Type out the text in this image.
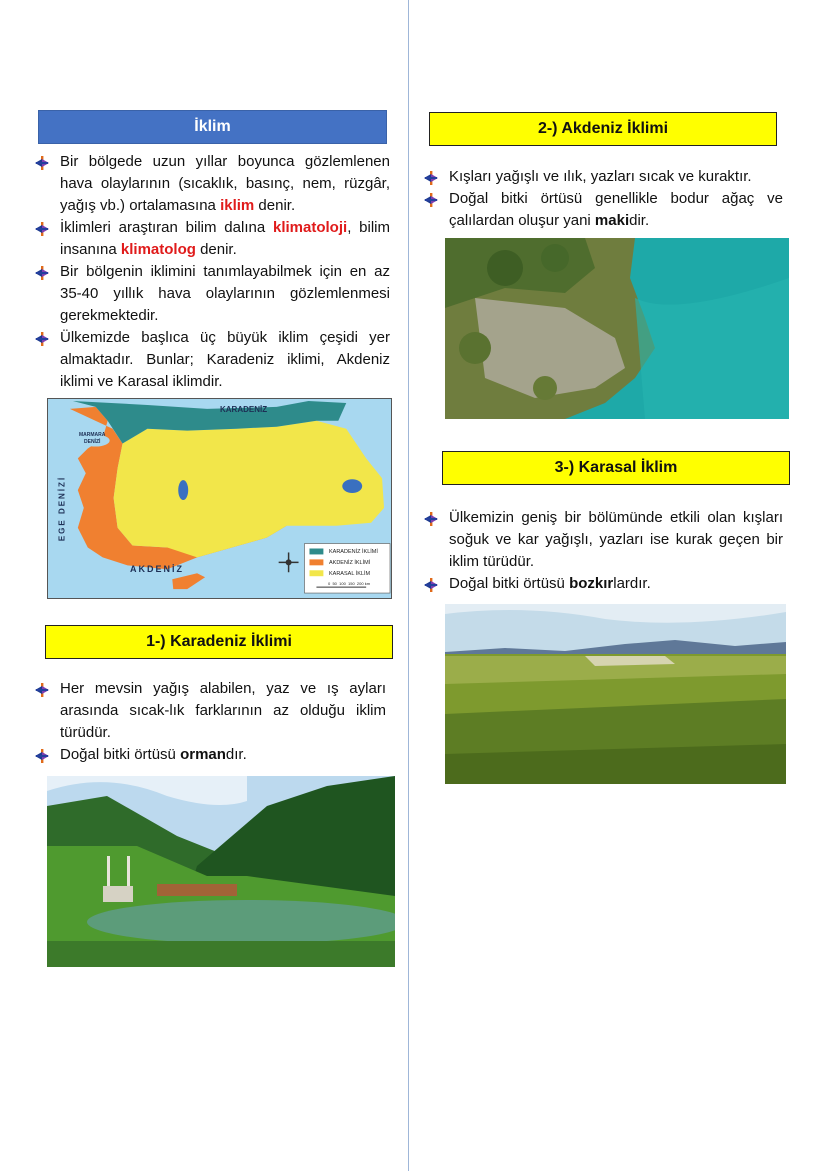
İklim
Bir bölgede uzun yıllar boyunca gözlemlenen hava olaylarının (sıcaklık, basınç, nem, rüzgâr, yağış vb.) ortalamasına iklim denir.
İklimleri araştıran bilim dalına klimatoloji, bilim insanına klimatolog denir.
Bir bölgenin iklimini tanımlayabilmek için en az 35-40 yıllık hava olaylarının gözlemlenmesi gerekmektedir.
Ülkemizde başlıca üç büyük iklim çeşidi yer almaktadır. Bunlar; Karadeniz iklimi, Akdeniz iklimi ve Karasal iklimdir.
KARADENİZ
MARMARA
DENİZİ
EGE DENİZİ
AKDENİZ
KARADENİZ İKLİMİ
AKDENİZ İKLİMİ
KARASAL İKLİM
0  50  100  150  200 km
1-) Karadeniz İklimi
Her mevsin yağış alabilen, yaz ve ış ayları arasında sıcak-lık farklarının az olduğu iklim türüdür.
Doğal bitki örtüsü ormandır.
2-) Akdeniz İklimi
Kışları yağışlı ve ılık, yazları sıcak ve kuraktır.
Doğal bitki örtüsü genellikle bodur ağaç ve çalılardan oluşur yani makidir.
3-) Karasal İklim
Ülkemizin geniş bir bölümünde etkili olan kışları soğuk ve kar yağışlı, yazları ise kurak geçen bir iklim türüdür.
Doğal bitki örtüsü bozkırlardır.
